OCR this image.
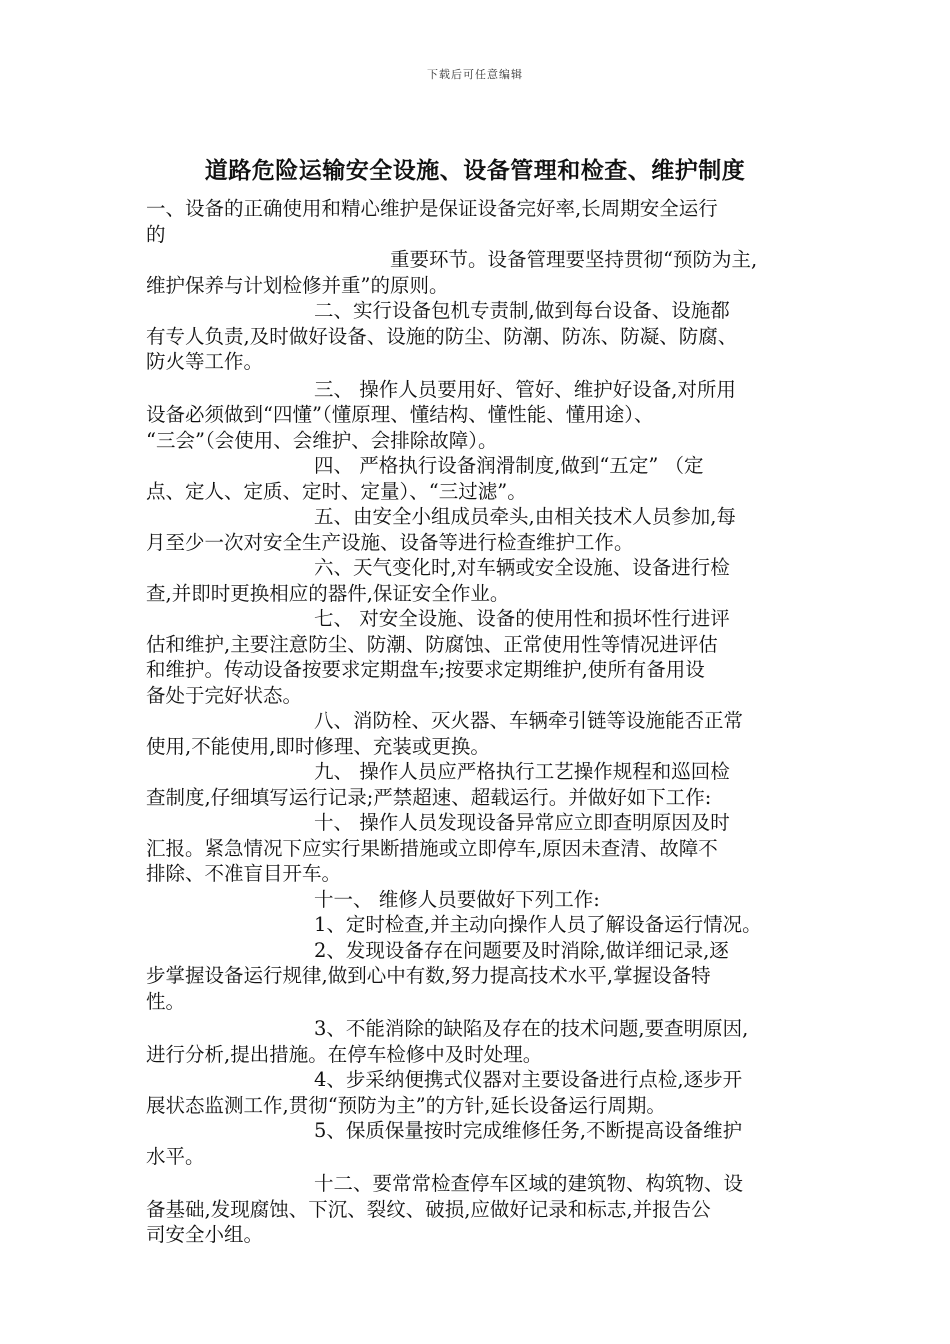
下载后可任意编辑
道路危险运输安全设施、设备管理和检查、维护制度
一、设备的正确使用和精心维护是保证设备完好率,长周期安全运行
的
重要环节。设备管理要坚持贯彻“预防为主,
维护保养与计划检修并重”的原则。
二、实行设备包机专责制,做到每台设备、设施都
有专人负责,及时做好设备、设施的防尘、防潮、防冻、防凝、防腐、
防火等工作。
三、 操作人员要用好、管好、维护好设备,对所用
设备必须做到“四懂”（懂原理、懂结构、懂性能、懂用途）、
“三会”（会使用、会维护、会排除故障）。
四、 严格执行设备润滑制度,做到“五定” （定
点、定人、定质、定时、定量）、“三过滤”。
五、由安全小组成员牵头,由相关技术人员参加,每
月至少一次对安全生产设施、设备等进行检查维护工作。
六、天气变化时,对车辆或安全设施、设备进行检
查,并即时更换相应的器件,保证安全作业。
七、 对安全设施、设备的使用性和损坏性行进评
估和维护,主要注意防尘、防潮、防腐蚀、正常使用性等情况进评估
和维护。传动设备按要求定期盘车;按要求定期维护,使所有备用设
备处于完好状态。
八、消防栓、灭火器、车辆牵引链等设施能否正常
使用,不能使用,即时修理、充装或更换。
九、 操作人员应严格执行工艺操作规程和巡回检
查制度,仔细填写运行记录;严禁超速、超载运行。并做好如下工作:
十、 操作人员发现设备异常应立即查明原因及时
汇报。紧急情况下应实行果断措施或立即停车,原因未查清、故障不
排除、不准盲目开车。
十一、 维修人员要做好下列工作:
1、定时检查,并主动向操作人员了解设备运行情况。
2、发现设备存在问题要及时消除,做详细记录,逐
步掌握设备运行规律,做到心中有数,努力提高技术水平,掌握设备特
性。
3、不能消除的缺陷及存在的技术问题,要查明原因,
进行分析,提出措施。在停车检修中及时处理。
4、步采纳便携式仪器对主要设备进行点检,逐步开
展状态监测工作,贯彻“预防为主”的方针,延长设备运行周期。
5、保质保量按时完成维修任务,不断提高设备维护
水平。
十二、要常常检查停车区域的建筑物、构筑物、设
备基础,发现腐蚀、下沉、裂纹、破损,应做好记录和标志,并报告公
司安全小组。
